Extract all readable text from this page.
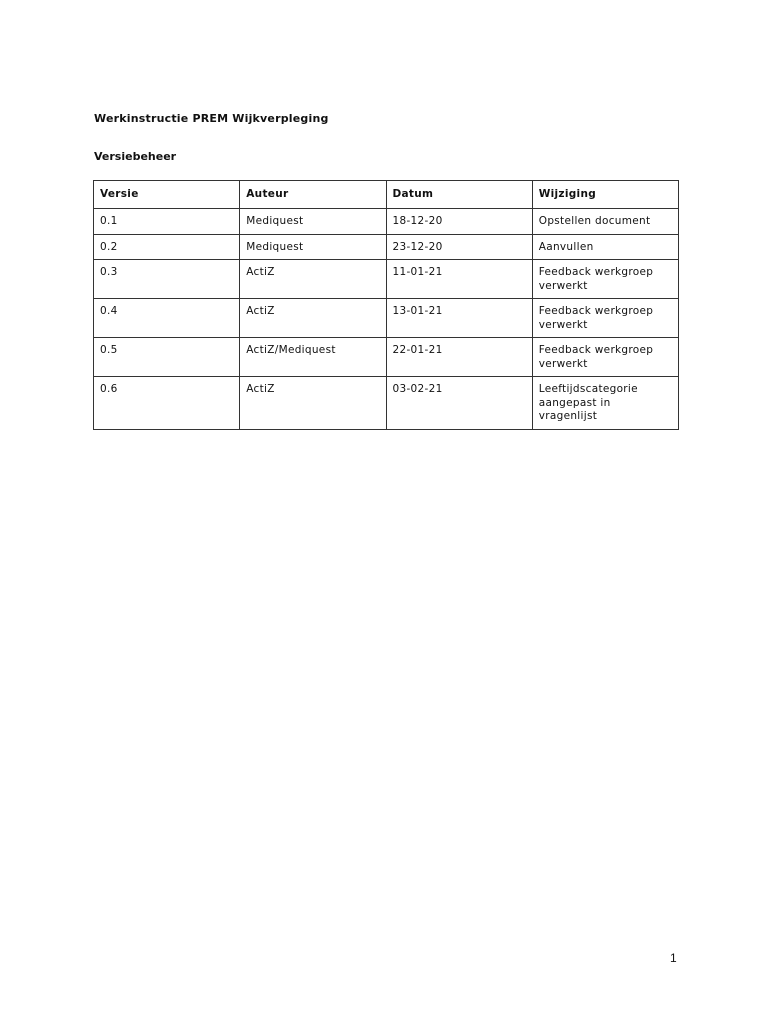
Werkinstructie PREM Wijkverpleging
Versiebeheer
Versie	Auteur	Datum	Wijziging
0.1	Mediquest	18-12-20	Opstellen document
0.2	Mediquest	23-12-20	Aanvullen
0.3	ActiZ	11-01-21	Feedback werkgroep verwerkt
0.4	ActiZ	13-01-21	Feedback werkgroep verwerkt
0.5	ActiZ/Mediquest	22-01-21	Feedback werkgroep verwerkt
0.6	ActiZ	03-02-21	Leeftijdscategorie aangepast in vragenlijst
1
